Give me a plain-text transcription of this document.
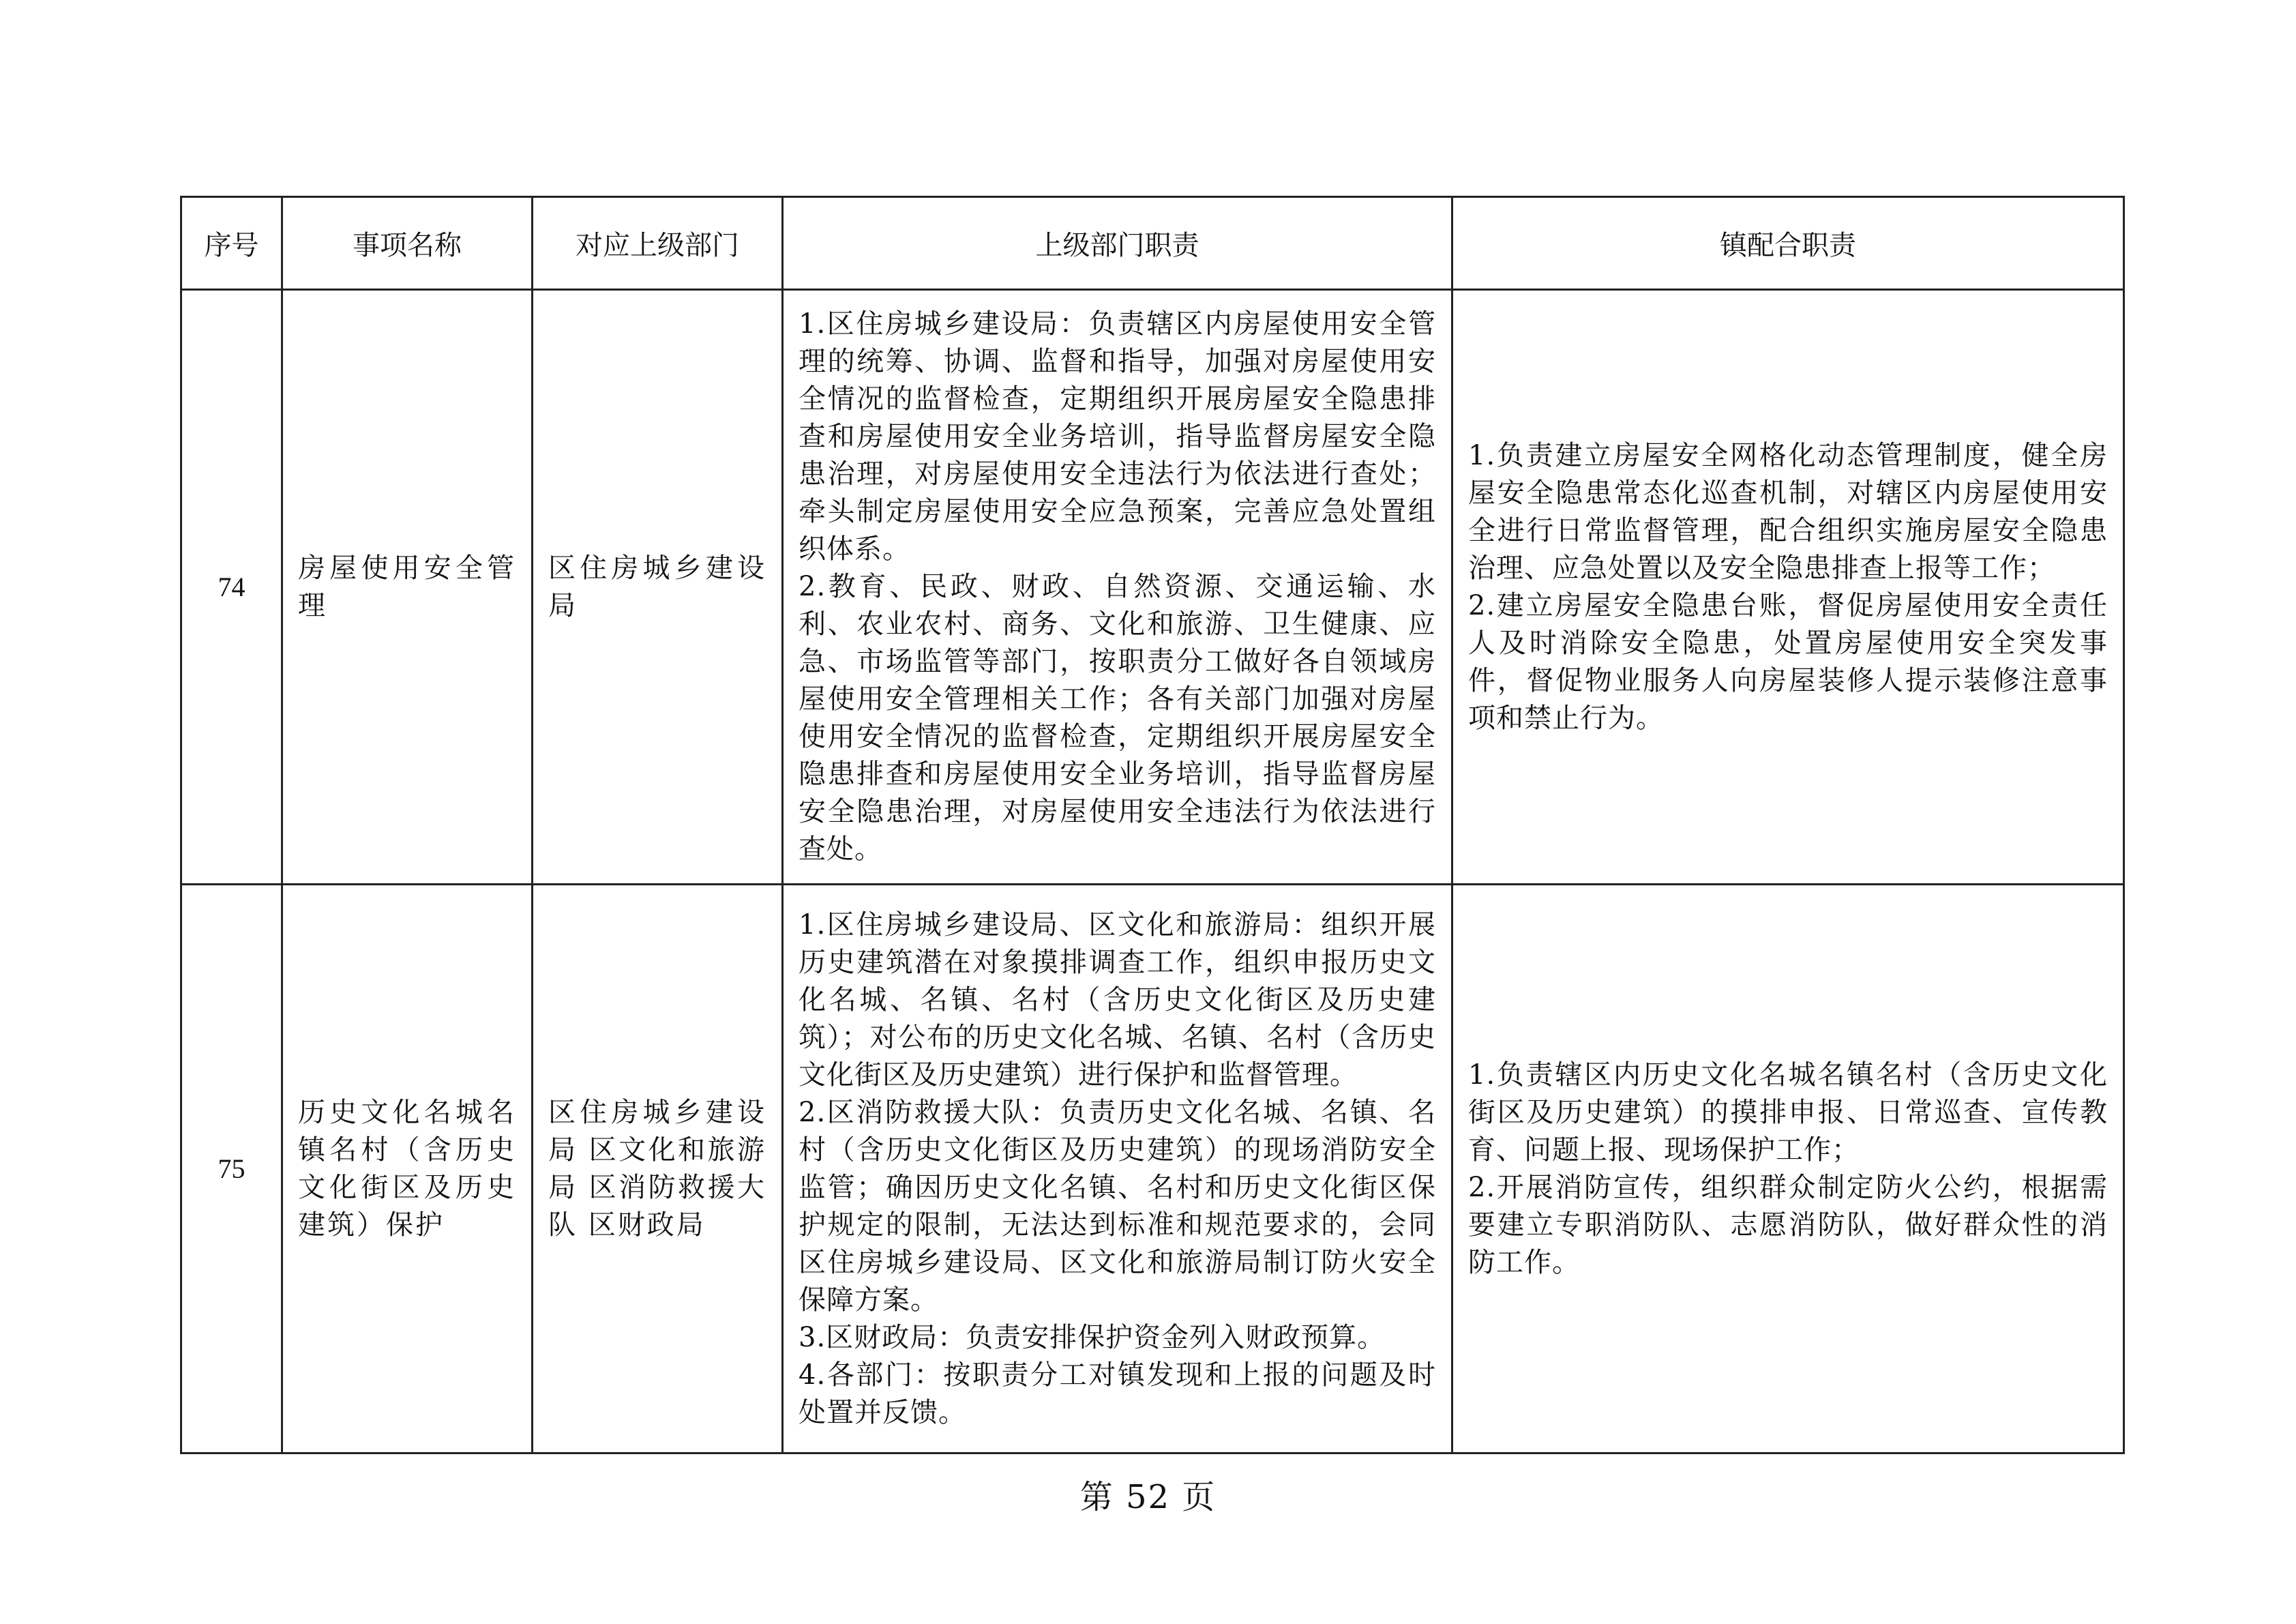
序号	事项名称	对应上级部门	上级部门职责	镇配合职责
74	房屋使用安全管理	区住房城乡建设局	1.区住房城乡建设局：负责辖区内房屋使用安全管理的统筹、协调、监督和指导，加强对房屋使用安全情况的监督检查，定期组织开展房屋安全隐患排查和房屋使用安全业务培训，指导监督房屋安全隐患治理，对房屋使用安全违法行为依法进行查处；牵头制定房屋使用安全应急预案，完善应急处置组织体系。
2.教育、民政、财政、自然资源、交通运输、水利、农业农村、商务、文化和旅游、卫生健康、应急、市场监管等部门，按职责分工做好各自领域房屋使用安全管理相关工作；各有关部门加强对房屋使用安全情况的监督检查，定期组织开展房屋安全隐患排查和房屋使用安全业务培训，指导监督房屋安全隐患治理，对房屋使用安全违法行为依法进行查处。	1.负责建立房屋安全网格化动态管理制度，健全房屋安全隐患常态化巡查机制，对辖区内房屋使用安全进行日常监督管理，配合组织实施房屋安全隐患治理、应急处置以及安全隐患排查上报等工作；
2.建立房屋安全隐患台账，督促房屋使用安全责任人及时消除安全隐患，处置房屋使用安全突发事件，督促物业服务人向房屋装修人提示装修注意事项和禁止行为。

75	历史文化名城名镇名村（含历史文化街区及历史建筑）保护	区住房城乡建设局 区文化和旅游局 区消防救援大队 区财政局	1.区住房城乡建设局、区文化和旅游局：组织开展历史建筑潜在对象摸排调查工作，组织申报历史文化名城、名镇、名村（含历史文化街区及历史建筑）；对公布的历史文化名城、名镇、名村（含历史文化街区及历史建筑）进行保护和监督管理。
2.区消防救援大队：负责历史文化名城、名镇、名村（含历史文化街区及历史建筑）的现场消防安全监管；确因历史文化名镇、名村和历史文化街区保护规定的限制，无法达到标准和规范要求的，会同区住房城乡建设局、区文化和旅游局制订防火安全保障方案。
3.区财政局：负责安排保护资金列入财政预算。
4.各部门：按职责分工对镇发现和上报的问题及时处置并反馈。	1.负责辖区内历史文化名城名镇名村（含历史文化街区及历史建筑）的摸排申报、日常巡查、宣传教育、问题上报、现场保护工作；
2.开展消防宣传，组织群众制定防火公约，根据需要建立专职消防队、志愿消防队，做好群众性的消防工作。
第 52 页
